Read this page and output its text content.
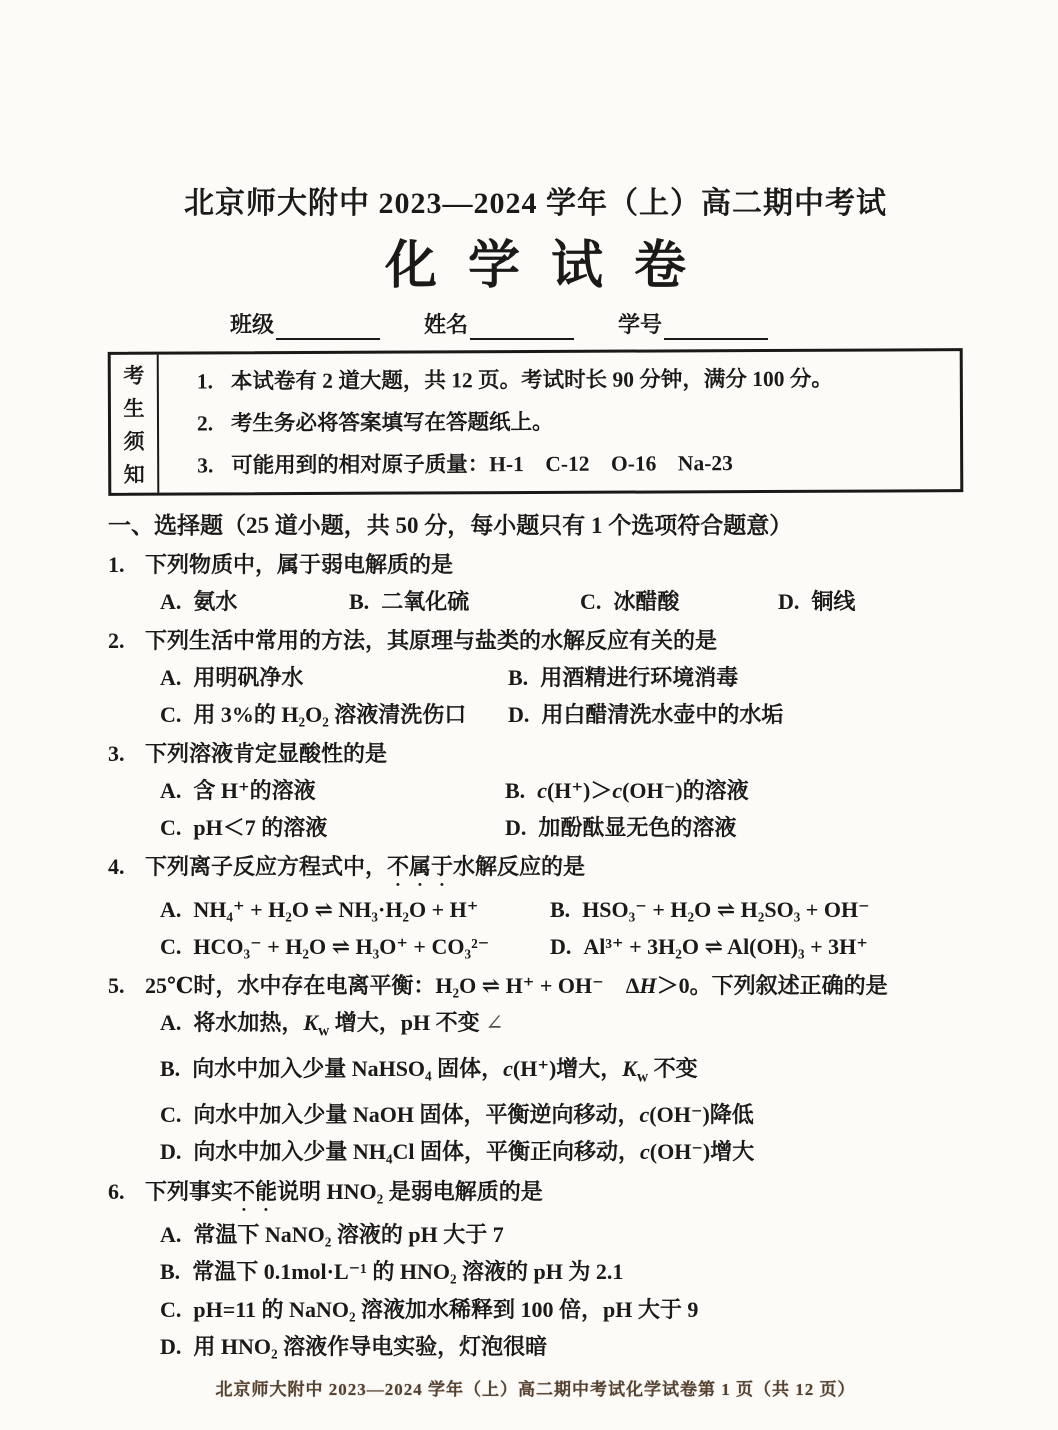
北京师大附中 2023—2024 学年（上）高二期中考试
化 学 试 卷
班级	姓名	学号
考
生
须
知
1. 本试卷有 2 道大题，共 12 页。考试时长 90 分钟，满分 100 分。
2. 考生务必将答案填写在答题纸上。
3. 可能用到的相对原子质量：H-1　C-12　O-16　Na-23
一、选择题（25 道小题，共 50 分，每小题只有 1 个选项符合题意）
1. 下列物质中，属于弱电解质的是
A. 氨水	B. 二氧化硫	C. 冰醋酸	D. 铜线
2. 下列生活中常用的方法，其原理与盐类的水解反应有关的是
A. 用明矾净水	B. 用酒精进行环境消毒
C. 用 3%的 H₂O₂ 溶液清洗伤口	D. 用白醋清洗水壶中的水垢
3. 下列溶液肯定显酸性的是
A. 含 H⁺的溶液	B. c(H⁺)＞c(OH⁻)的溶液
C. pH＜7 的溶液	D. 加酚酞显无色的溶液
4. 下列离子反应方程式中，不属于水解反应的是
A. NH₄⁺ + H₂O ⇌ NH₃·H₂O + H⁺	B. HSO₃⁻ + H₂O ⇌ H₂SO₃ + OH⁻
C. HCO₃⁻ + H₂O ⇌ H₃O⁺ + CO₃²⁻	D. Al³⁺ + 3H₂O ⇌ Al(OH)₃ + 3H⁺
5. 25℃时，水中存在电离平衡：H₂O ⇌ H⁺ + OH⁻　ΔH＞0。下列叙述正确的是
A. 将水加热，$K_w$ 增大，pH 不变 ∠
B. 向水中加入少量 NaHSO₄ 固体，c(H⁺)增大，$K_w$ 不变
C. 向水中加入少量 NaOH 固体，平衡逆向移动，c(OH⁻)降低
D. 向水中加入少量 NH₄Cl 固体，平衡正向移动，c(OH⁻)增大
6. 下列事实不能说明 HNO₂ 是弱电解质的是
A. 常温下 NaNO₂ 溶液的 pH 大于 7
B. 常温下 0.1mol·L⁻¹ 的 HNO₂ 溶液的 pH 为 2.1
C. pH=11 的 NaNO₂ 溶液加水稀释到 100 倍，pH 大于 9
D. 用 HNO₂ 溶液作导电实验，灯泡很暗
北京师大附中 2023—2024 学年（上）高二期中考试化学试卷第 1 页（共 12 页）
